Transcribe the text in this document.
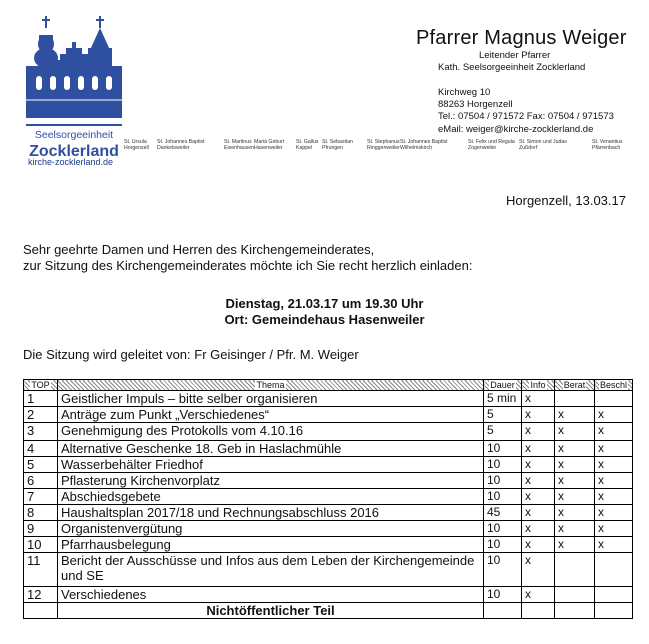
Seelsorgeeinheit
Zocklerland
kirche-zocklerland.de
Pfarrer Magnus Weiger
Leitender Pfarrer
Kath. Seelsorgeeinheit Zocklerland
Kirchweg 10
88263 Horgenzell
Tel.: 07504 / 971572 Fax: 07504 / 971573
eMail: weiger@kirche-zocklerland.de
St. Ursula
Horgenzell
St. Johannes Baptist
Danketsweiler
St. Martinus
Eisenhausen
Mariä Geburt
Hasenweiler
St. Gallus
Kappel
St. Sebastian
Pfrungen
St. Stephanus
Ringgenweiler
St. Johannes Baptist
Wilhelmskirch
St. Felix und Regula
Zogenweiler
St. Simon und Judas
Zußdorf
St. Venantius
Pfärrenbach
Horgenzell, 13.03.17
Sehr geehrte Damen und Herren des Kirchengemeinderates,
zur Sitzung des Kirchengemeinderates möchte ich Sie recht herzlich einladen:
Dienstag, 21.03.17 um 19.30 Uhr
Ort: Gemeindehaus Hasenweiler
Die Sitzung wird geleitet von: Fr Geisinger / Pfr. M. Weiger
TOP	Thema	Dauer	Info	Berat	Beschl
1	Geistlicher Impuls – bitte selber organisieren	5 min	x		
2	Anträge zum Punkt „Verschiedenes“	5	x	x	x
3	Genehmigung des Protokolls vom 4.10.16	5	x	x	x
4	Alternative Geschenke 18. Geb in Haslachmühle	10	x	x	x
5	Wasserbehälter Friedhof	10	x	x	x
6	Pflasterung Kirchenvorplatz	10	x	x	x
7	Abschiedsgebete	10	x	x	x
8	Haushaltsplan 2017/18 und Rechnungsabschluss 2016	45	x	x	x
9	Organistenvergütung	10	x	x	x
10	Pfarrhausbelegung	10	x	x	x
11	Bericht der Ausschüsse und Infos aus dem Leben der Kirchengemeinde und SE	10	x		
12	Verschiedenes	10	x		
	Nichtöffentlicher Teil				
